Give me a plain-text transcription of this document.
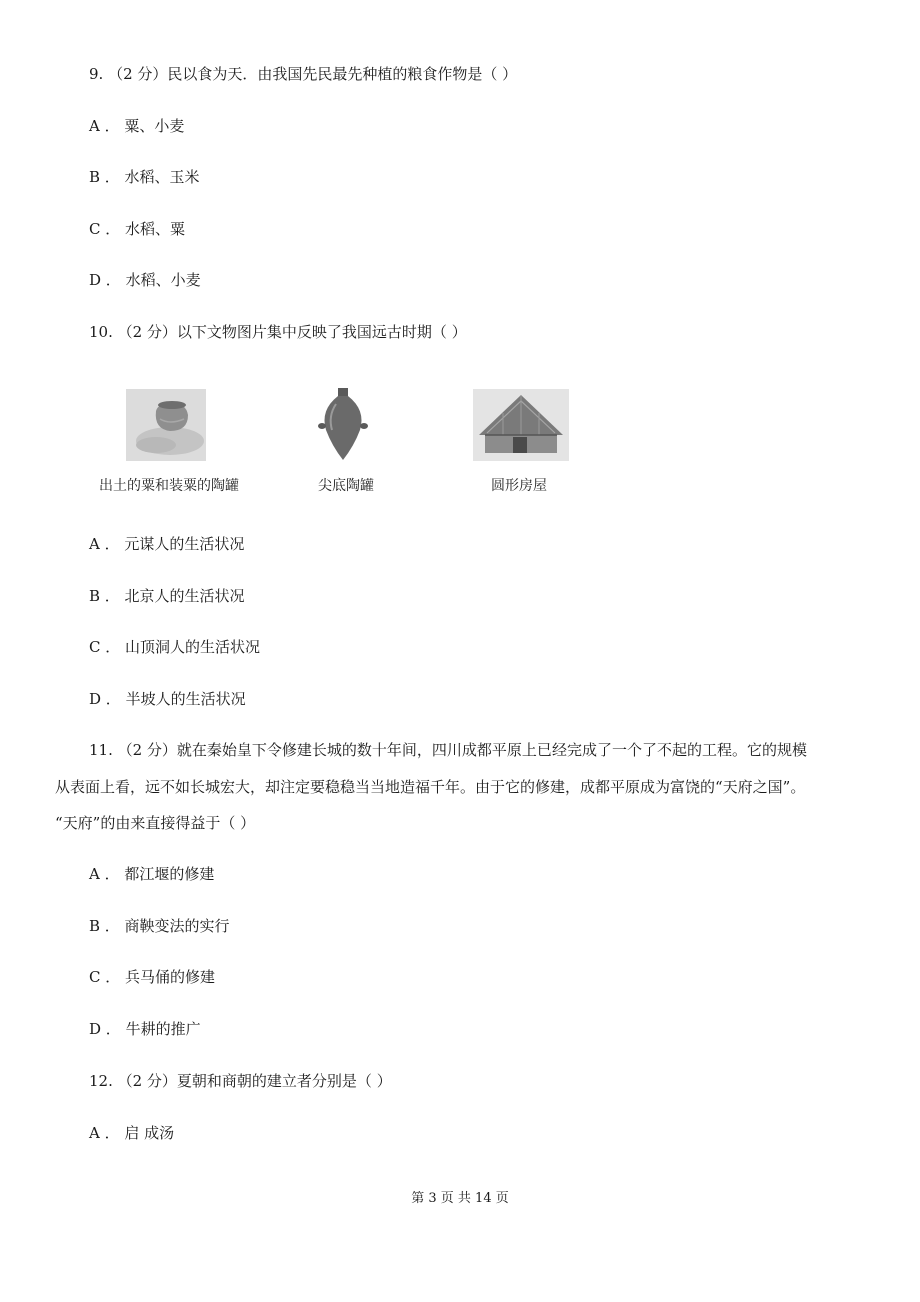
9. （2 分）民以食为天．由我国先民最先种植的粮食作物是（ ）
A ． 粟、小麦
B ． 水稻、玉米
C ． 水稻、粟
D ． 水稻、小麦
10. （2 分）以下文物图片集中反映了我国远古时期（ ）
出土的粟和装粟的陶罐	尖底陶罐	圆形房屋
A ． 元谋人的生活状况
B ． 北京人的生活状况
C ． 山顶洞人的生活状况
D ． 半坡人的生活状况
11. （2 分）就在秦始皇下令修建长城的数十年间，四川成都平原上已经完成了一个了不起的工程。它的规模
从表面上看，远不如长城宏大，却注定要稳稳当当地造福千年。由于它的修建，成都平原成为富饶的“天府之国”。
“天府”的由来直接得益于（ ）
A ． 都江堰的修建
B ． 商鞅变法的实行
C ． 兵马俑的修建
D ． 牛耕的推广
12. （2 分）夏朝和商朝的建立者分别是（ ）
A ． 启 成汤
第 3 页 共 14 页
